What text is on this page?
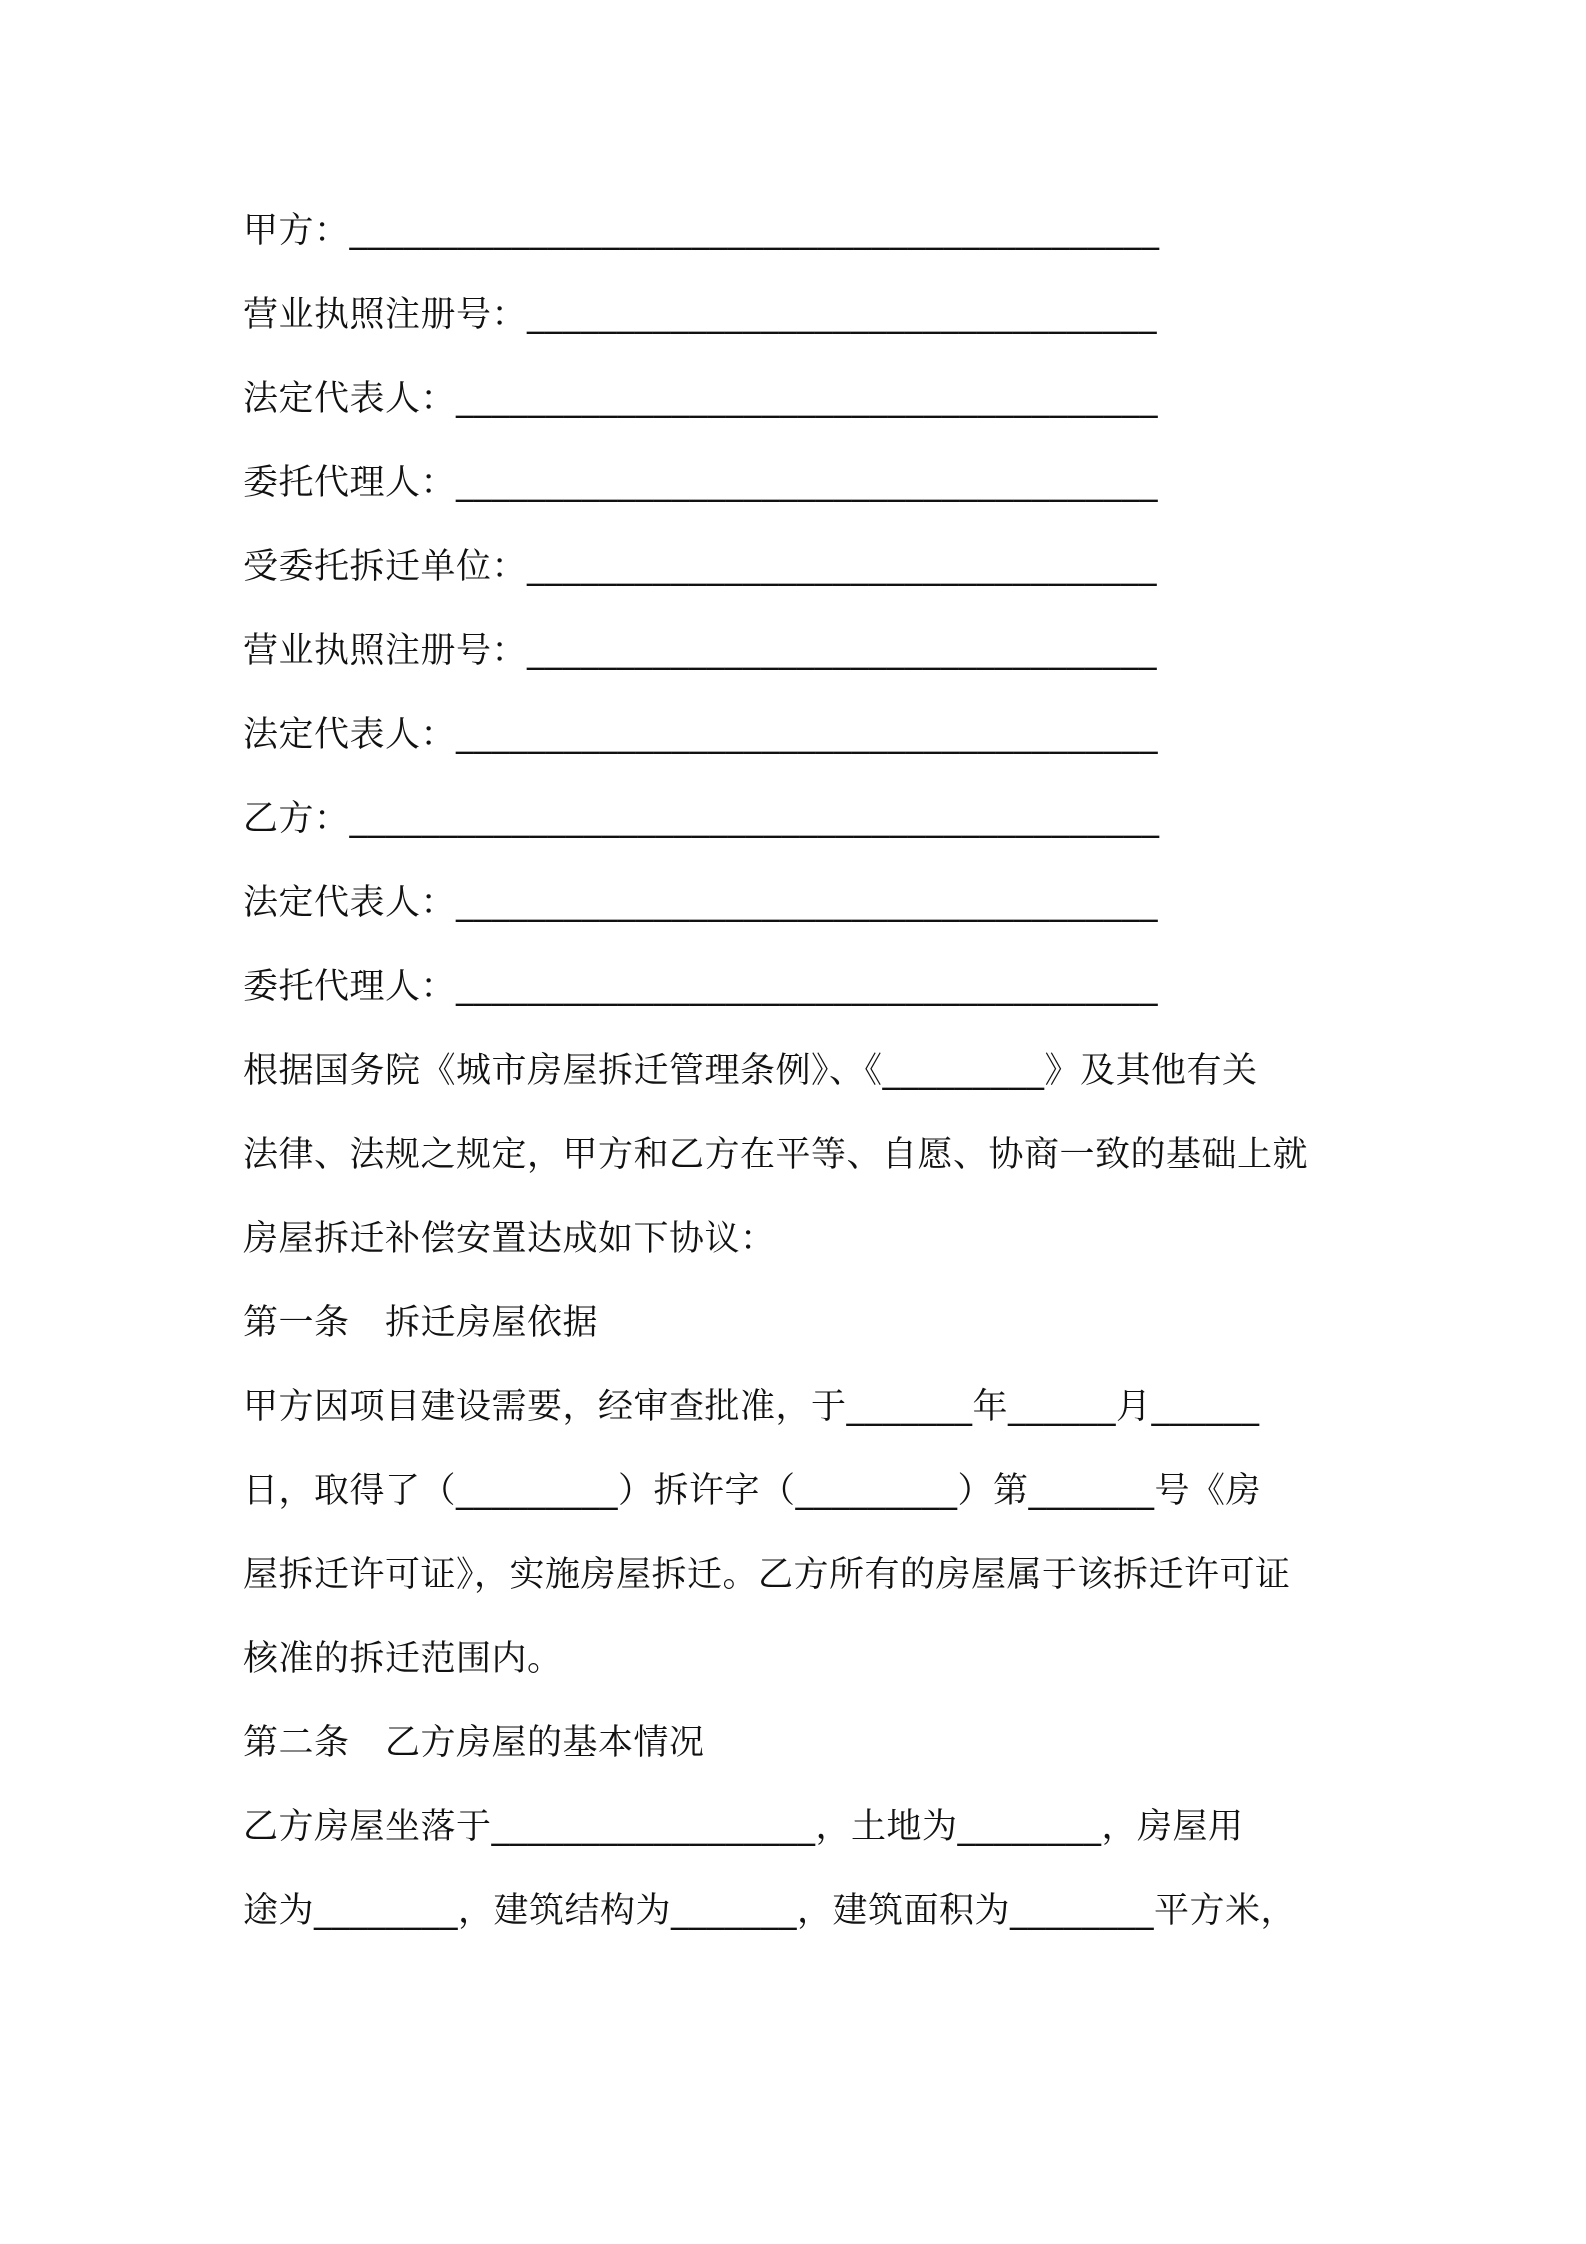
甲方：_____________________________________________
营业执照注册号：___________________________________
法定代表人：_______________________________________
委托代理人：_______________________________________
受委托拆迁单位：___________________________________
营业执照注册号：___________________________________
法定代表人：_______________________________________
乙方：_____________________________________________
法定代表人：_______________________________________
委托代理人：_______________________________________
根据国务院《城市房屋拆迁管理条例》、《_________》及其他有关
法律、法规之规定，甲方和乙方在平等、自愿、协商一致的基础上就
房屋拆迁补偿安置达成如下协议：
第一条　拆迁房屋依据
甲方因项目建设需要，经审查批准，于_______年______月______
日，取得了（_________）拆许字（_________）第_______号《房
屋拆迁许可证》，实施房屋拆迁。乙方所有的房屋属于该拆迁许可证
核准的拆迁范围内。
第二条　乙方房屋的基本情况
乙方房屋坐落于__________________，土地为________，房屋用
途为________，建筑结构为_______，建筑面积为________平方米，
